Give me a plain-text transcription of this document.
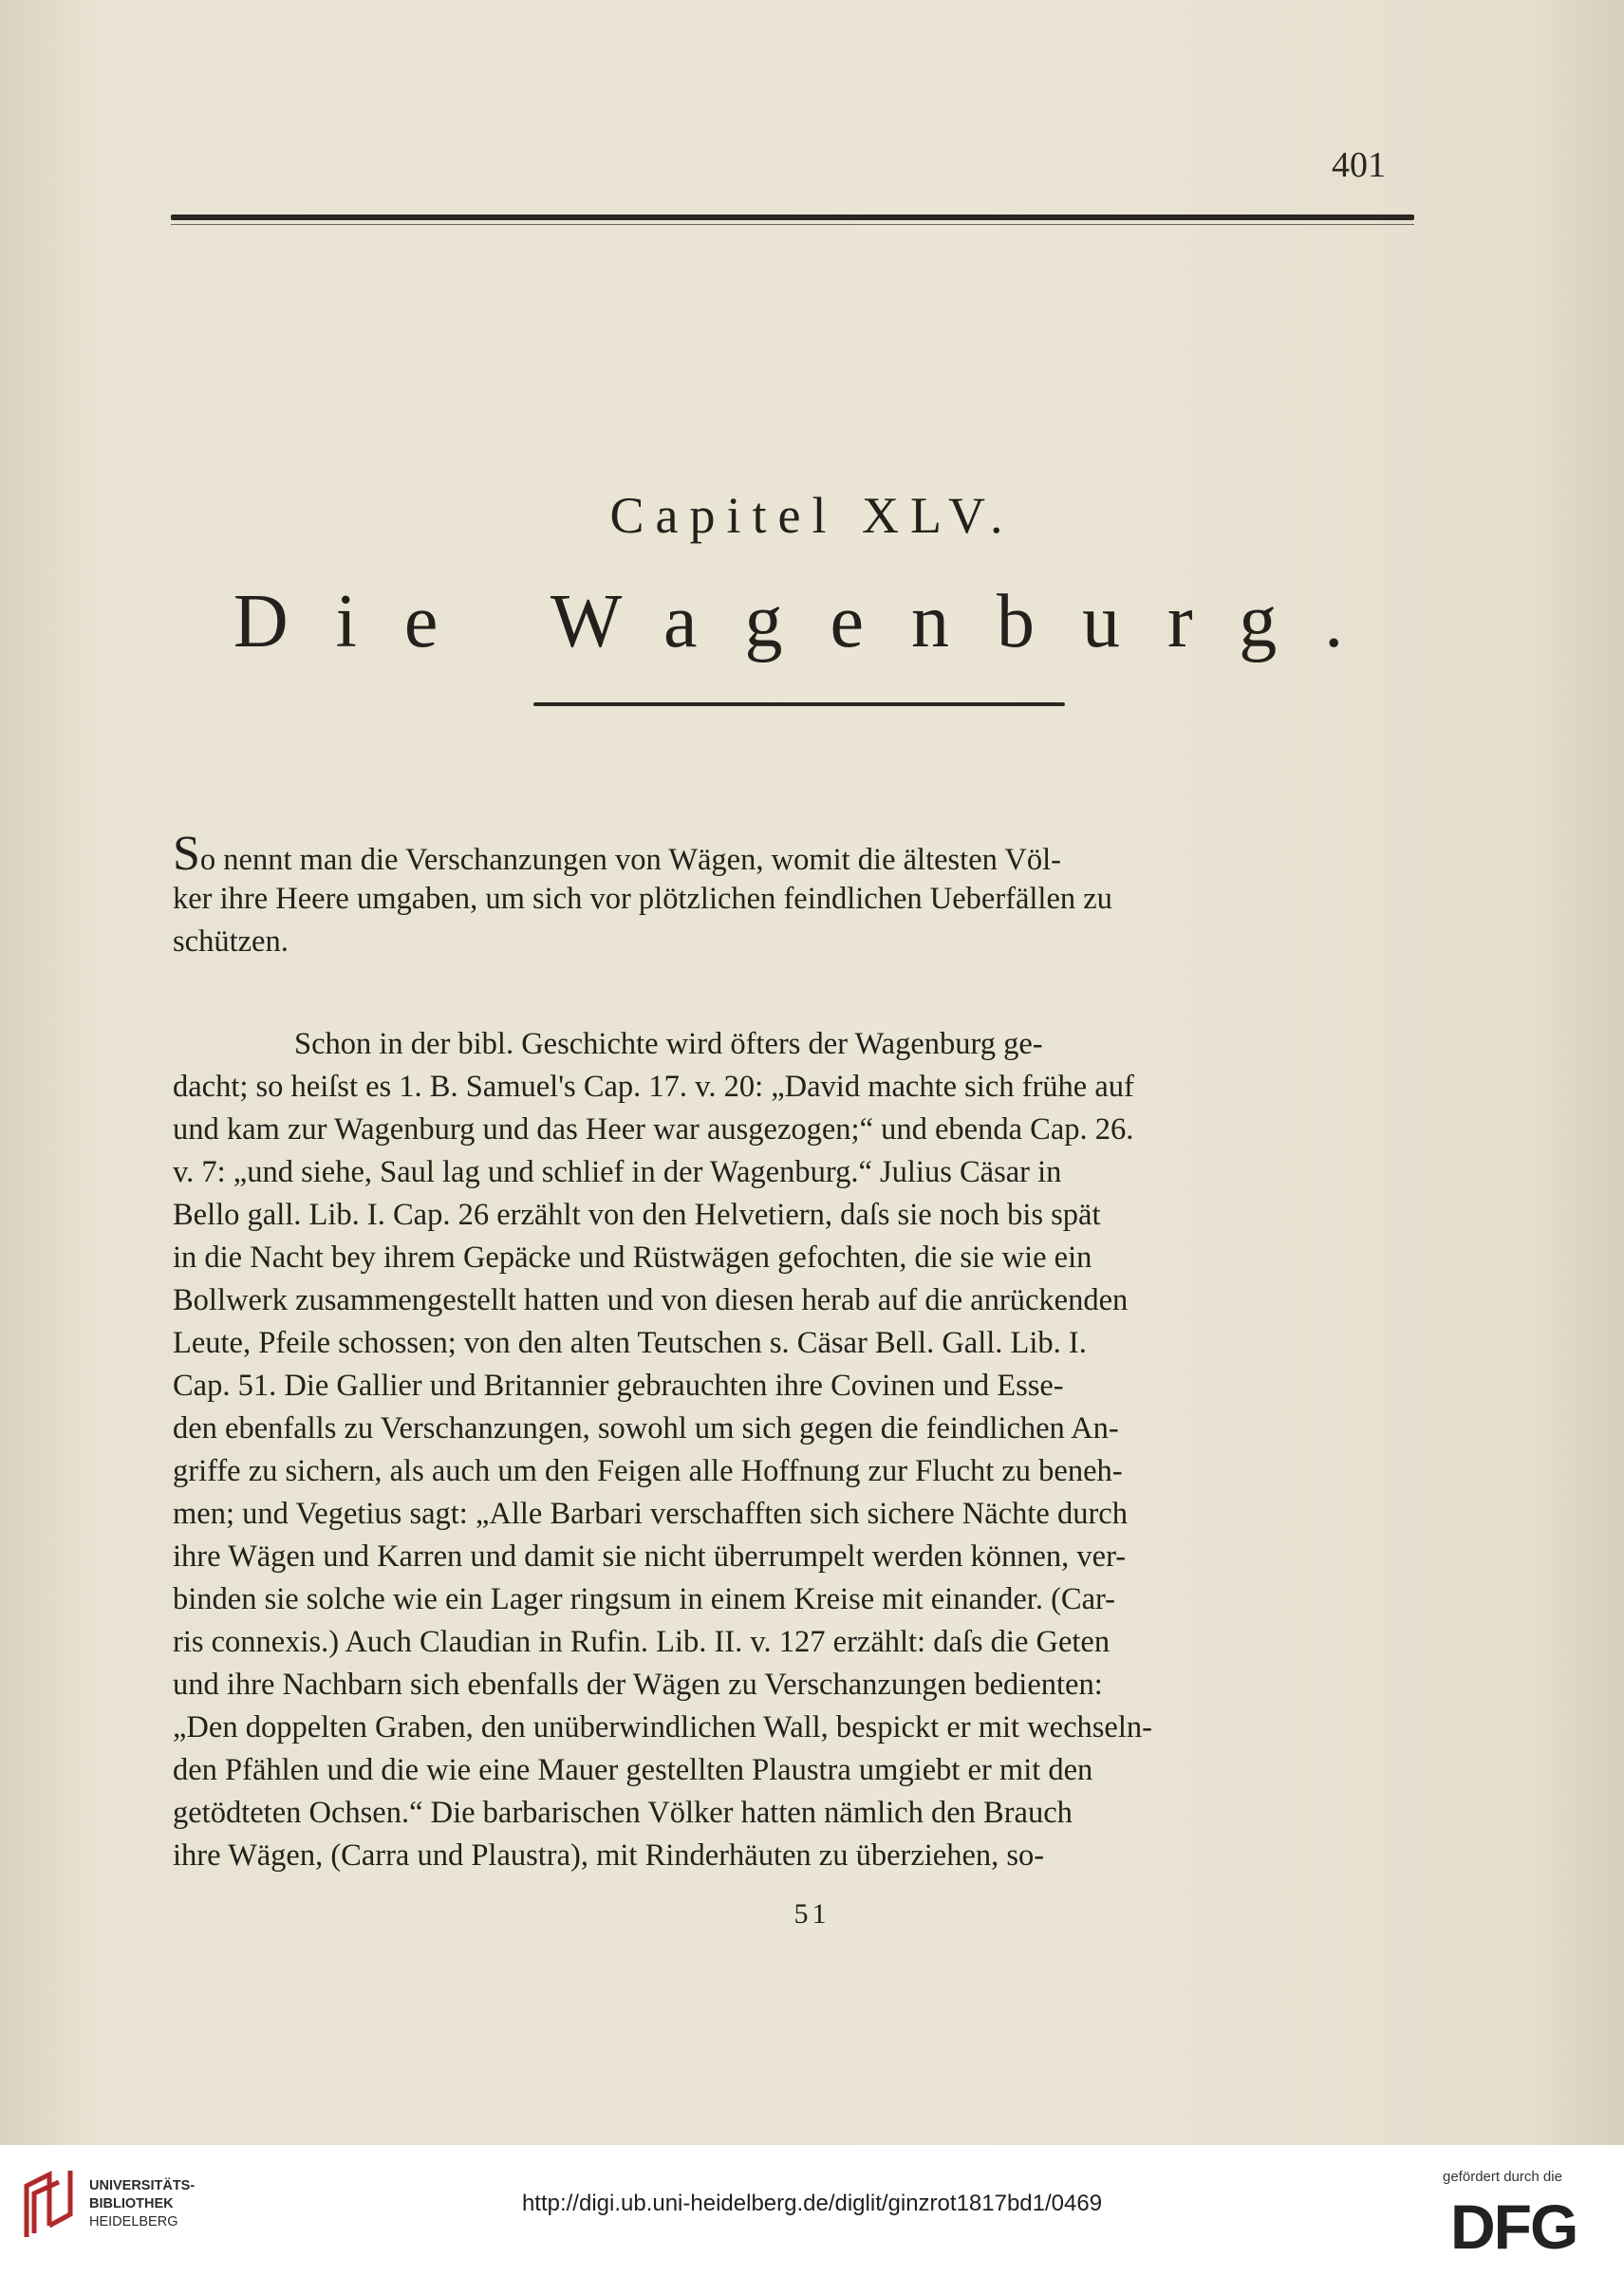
401
Capitel XLV.
Die Wagenburg.
So nennt man die Verschanzungen von Wägen, womit die ältesten Völ-
ker ihre Heere umgaben, um sich vor plötzlichen feindlichen Ueberfällen zu
schützen.
Schon in der bibl. Geschichte wird öfters der Wagenburg ge-
dacht; so heiſst es 1. B. Samuel's Cap. 17. v. 20: „David machte sich frühe auf
und kam zur Wagenburg und das Heer war ausgezogen;“ und ebenda Cap. 26.
v. 7: „und siehe, Saul lag und schlief in der Wagenburg.“ Julius Cäsar in
Bello gall. Lib. I. Cap. 26 erzählt von den Helvetiern, daſs sie noch bis spät
in die Nacht bey ihrem Gepäcke und Rüstwägen gefochten, die sie wie ein
Bollwerk zusammengestellt hatten und von diesen herab auf die anrückenden
Leute, Pfeile schossen; von den alten Teutschen s. Cäsar Bell. Gall. Lib. I.
Cap. 51. Die Gallier und Britannier gebrauchten ihre Covinen und Esse-
den ebenfalls zu Verschanzungen, sowohl um sich gegen die feindlichen An-
griffe zu sichern, als auch um den Feigen alle Hoffnung zur Flucht zu beneh-
men; und Vegetius sagt: „Alle Barbari verschafften sich sichere Nächte durch
ihre Wägen und Karren und damit sie nicht überrumpelt werden können, ver-
binden sie solche wie ein Lager ringsum in einem Kreise mit einander. (Car-
ris connexis.) Auch Claudian in Rufin. Lib. II. v. 127 erzählt: daſs die Geten
und ihre Nachbarn sich ebenfalls der Wägen zu Verschanzungen bedienten:
„Den doppelten Graben, den unüberwindlichen Wall, bespickt er mit wechseln-
den Pfählen und die wie eine Mauer gestellten Plaustra umgiebt er mit den
getödteten Ochsen.“ Die barbarischen Völker hatten nämlich den Brauch
ihre Wägen, (Carra und Plaustra), mit Rinderhäuten zu überziehen, so-
51
UNIVERSITÄTS-
BIBLIOTHEK
HEIDELBERG
http://digi.ub.uni-heidelberg.de/diglit/ginzrot1817bd1/0469
gefördert durch die
DFG
